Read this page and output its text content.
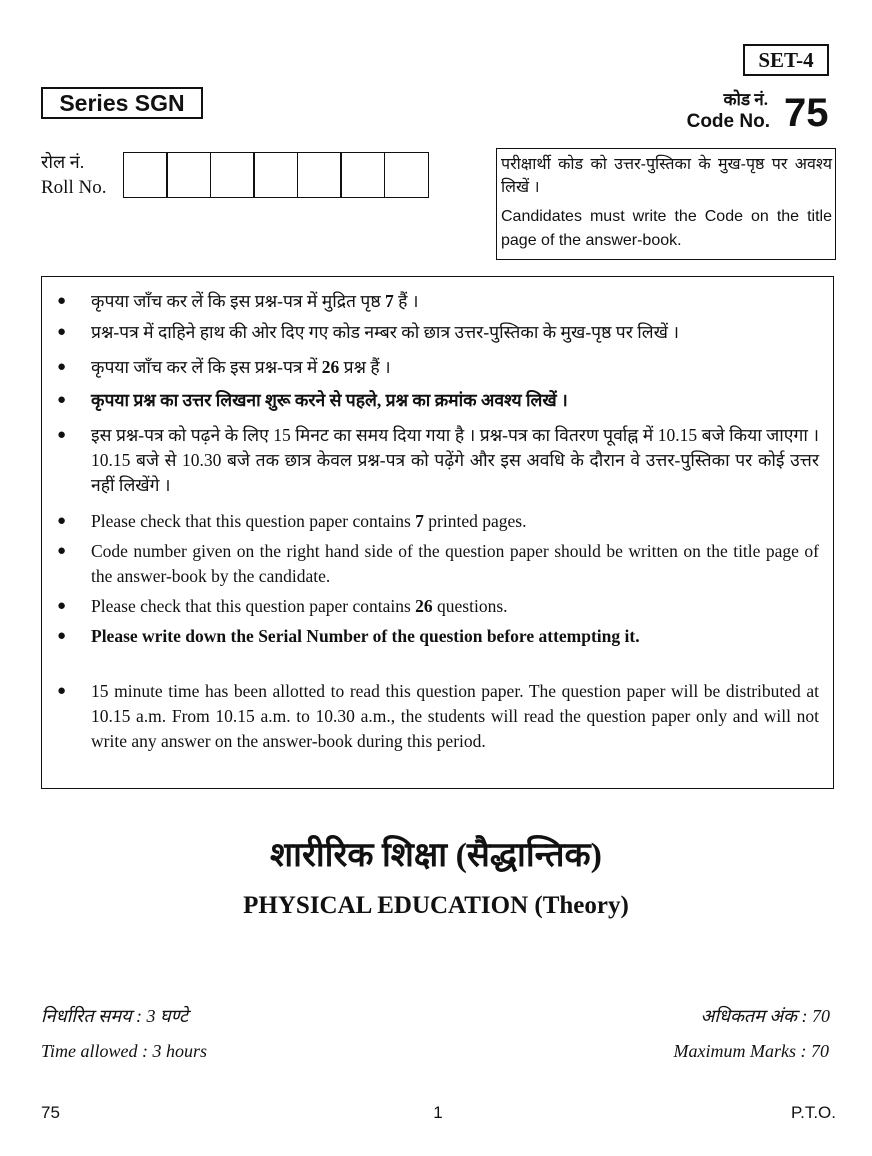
SET-4
Series SGN	कोड नं.
Code No. 75
रोल नं.
Roll No.
परीक्षार्थी कोड को उत्तर-पुस्तिका के मुख-पृष्ठ पर अवश्य लिखें ।
Candidates must write the Code on the title page of the answer-book.
● कृपया जाँच कर लें कि इस प्रश्न-पत्र में मुद्रित पृष्ठ 7 हैं ।
● प्रश्न-पत्र में दाहिने हाथ की ओर दिए गए कोड नम्बर को छात्र उत्तर-पुस्तिका के मुख-पृष्ठ पर लिखें ।
● कृपया जाँच कर लें कि इस प्रश्न-पत्र में 26 प्रश्न हैं ।
● कृपया प्रश्न का उत्तर लिखना शुरू करने से पहले, प्रश्न का क्रमांक अवश्य लिखें ।
● इस प्रश्न-पत्र को पढ़ने के लिए 15 मिनट का समय दिया गया है । प्रश्न-पत्र का वितरण पूर्वाह्न में 10.15 बजे किया जाएगा । 10.15 बजे से 10.30 बजे तक छात्र केवल प्रश्न-पत्र को पढ़ेंगे और इस अवधि के दौरान वे उत्तर-पुस्तिका पर कोई उत्तर नहीं लिखेंगे ।
● Please check that this question paper contains 7 printed pages.
● Code number given on the right hand side of the question paper should be written on the title page of the answer-book by the candidate.
● Please check that this question paper contains 26 questions.
● Please write down the Serial Number of the question before attempting it.
● 15 minute time has been allotted to read this question paper. The question paper will be distributed at 10.15 a.m. From 10.15 a.m. to 10.30 a.m., the students will read the question paper only and will not write any answer on the answer-book during this period.
शारीरिक शिक्षा (सैद्धान्तिक)
PHYSICAL EDUCATION (Theory)
निर्धारित समय : 3 घण्टे	अधिकतम अंक : 70
Time allowed : 3 hours	Maximum Marks : 70
75	1	P.T.O.
